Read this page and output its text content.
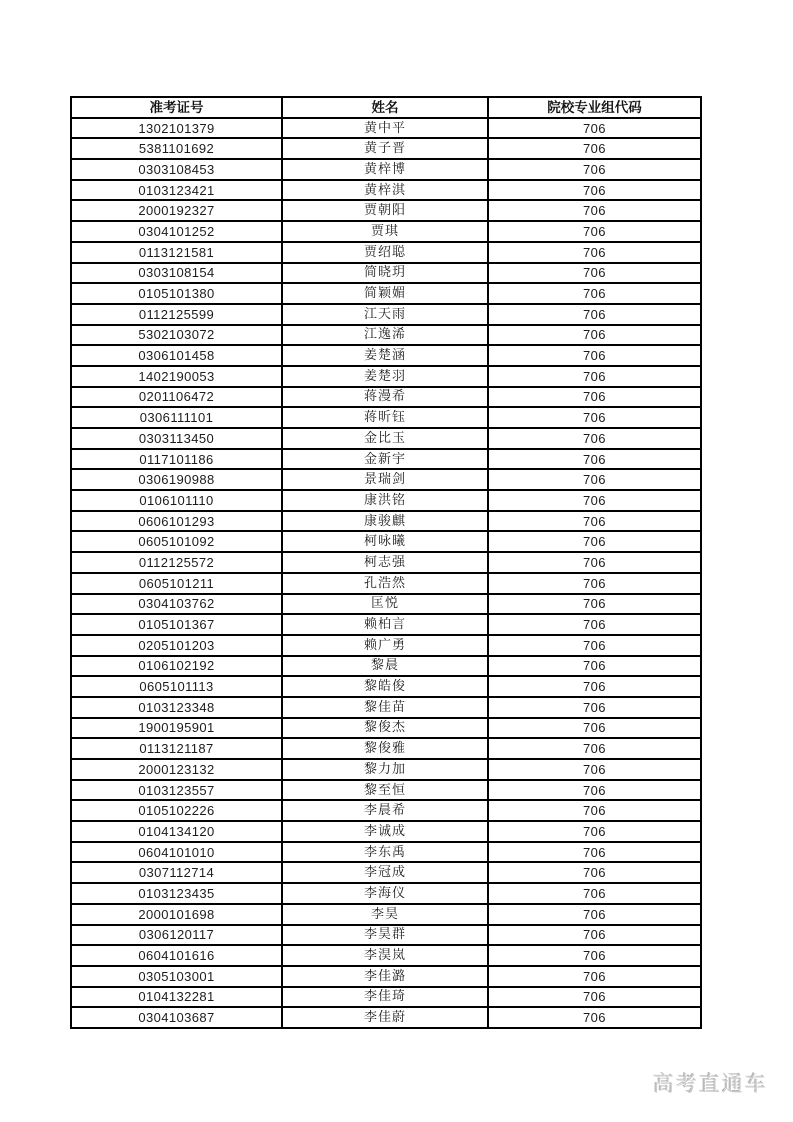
准考证号	姓名	院校专业组代码
1302101379	黄中平	706
5381101692	黄子晋	706
0303108453	黄梓博	706
0103123421	黄梓淇	706
2000192327	贾朝阳	706
0304101252	贾琪	706
0113121581	贾绍聪	706
0303108154	简晓玥	706
0105101380	简颖媚	706
0112125599	江天雨	706
5302103072	江逸浠	706
0306101458	姜楚涵	706
1402190053	姜楚羽	706
0201106472	蒋漫希	706
0306111101	蒋昕钰	706
0303113450	金比玉	706
0117101186	金新宇	706
0306190988	景瑞剑	706
0106101110	康洪铭	706
0606101293	康骏麒	706
0605101092	柯咏曦	706
0112125572	柯志强	706
0605101211	孔浩然	706
0304103762	匡悦	706
0105101367	赖柏言	706
0205101203	赖广勇	706
0106102192	黎晨	706
0605101113	黎皓俊	706
0103123348	黎佳苗	706
1900195901	黎俊杰	706
0113121187	黎俊雅	706
2000123132	黎力加	706
0103123557	黎至恒	706
0105102226	李晨希	706
0104134120	李诚成	706
0604101010	李东禹	706
0307112714	李冠成	706
0103123435	李海仪	706
2000101698	李昊	706
0306120117	李昊群	706
0604101616	李淏岚	706
0305103001	李佳潞	706
0104132281	李佳琦	706
0304103687	李佳蔚	706
高考直通车
